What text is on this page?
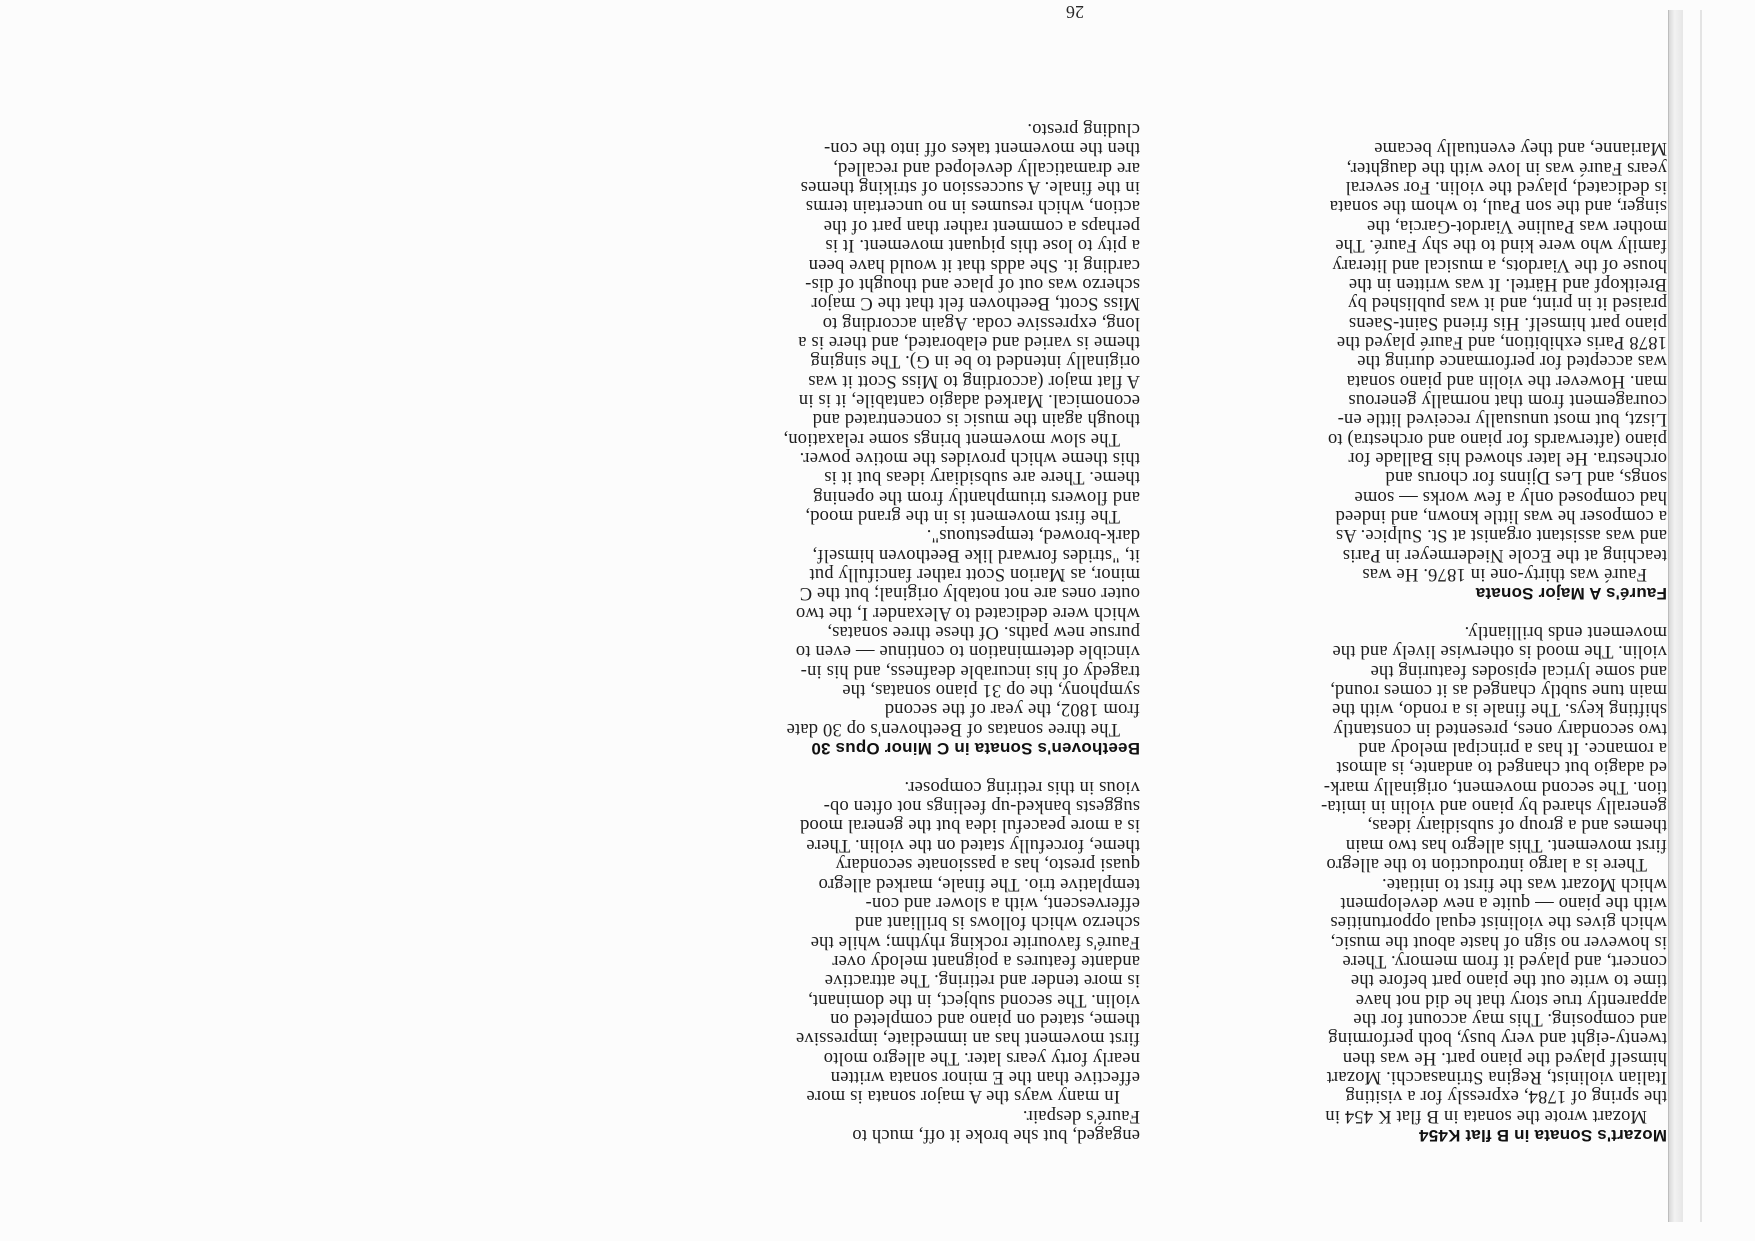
26
Mozart's Sonata in B flat K454
Mozart wrote the sonata in B flat K 454 in
the spring of 1784, expressly for a visiting
Italian violinist, Regina Strinasacchi. Mozart
himself played the piano part. He was then
twenty-eight and very busy, both performing
and composing. This may account for the
apparently true story that he did not have
time to write out the piano part before the
concert, and played it from memory. There
is however no sign of haste about the music,
which gives the violinist equal opportunities
with the piano — quite a new development
which Mozart was the first to initiate.
There is a largo introduction to the allegro
first movement. This allegro has two main
themes and a group of subsidiary ideas,
generally shared by piano and violin in imita-
tion. The second movement, originally mark-
ed adagio but changed to andante, is almost
a romance. It has a principal melody and
two secondary ones, presented in constantly
shifting keys. The finale is a rondo, with the
main tune subtly changed as it comes round,
and some lyrical episodes featuring the
violin. The mood is otherwise lively and the
movement ends brilliantly.
Fauré's A Major Sonata
Fauré was thirty-one in 1876. He was
teaching at the Ecole Niedermeyer in Paris
and was assistant organist at St. Sulpice. As
a composer he was little known, and indeed
had composed only a few works — some
songs, and Les Djinns for chorus and
orchestra. He later showed his Ballade for
piano (afterwards for piano and orchestra) to
Liszt, but most unusually received little en-
couragement from that normally generous
man. However the violin and piano sonata
was accepted for performance during the
1878 Paris exhibition, and Fauré played the
piano part himself. His friend Saint-Saens
praised it in print, and it was published by
Breitkopf and Härtel. It was written in the
house of the Viardots, a musical and literary
family who were kind to the shy Fauré. The
mother was Pauline Viardot-Garcia, the
singer, and the son Paul, to whom the sonata
is dedicated, played the violin. For several
years Fauré was in love with the daughter,
Marianne, and they eventually became
engaged, but she broke it off, much to
Fauré's despair.
In many ways the A major sonata is more
effective than the E minor sonata written
nearly forty years later. The allegro molto
first movement has an immediate, impressive
theme, stated on piano and completed on
violin. The second subject, in the dominant,
is more tender and retiring. The attractive
andante features a poignant melody over
Fauré's favourite rocking rhythm; while the
scherzo which follows is brilliant and
effervescent, with a slower and con-
templative trio. The finale, marked allegro
quasi presto, has a passionate secondary
theme, forcefully stated on the violin. There
is a more peaceful idea but the general mood
suggests banked-up feelings not often ob-
vious in this retiring composer.
Beethoven's Sonata in C Minor Opus 30
The three sonatas of Beethoven's op 30 date
from 1802, the year of the second
symphony, the op 31 piano sonatas, the
tragedy of his incurable deafness, and his in-
vincible determination to continue — even to
pursue new paths. Of these three sonatas,
which were dedicated to Alexander I, the two
outer ones are not notably original; but the C
minor, as Marion Scott rather fancifully put
it, "strides forward like Beethoven himself,
dark-browed, tempestuous".
The first movement is in the grand mood,
and flowers triumphantly from the opening
theme. There are subsidiary ideas but it is
this theme which provides the motive power.
The slow movement brings some relaxation,
though again the music is concentrated and
economical. Marked adagio cantabile, it is in
A flat major (according to Miss Scott it was
originally intended to be in G). The singing
theme is varied and elaborated, and there is a
long, expressive coda. Again according to
Miss Scott, Beethoven felt that the C major
scherzo was out of place and thought of dis-
carding it. She adds that it would have been
a pity to lose this piquant movement. It is
perhaps a comment rather than part of the
action, which resumes in no uncertain terms
in the finale. A succession of striking themes
are dramatically developed and recalled,
then the movement takes off into the con-
cluding presto.
